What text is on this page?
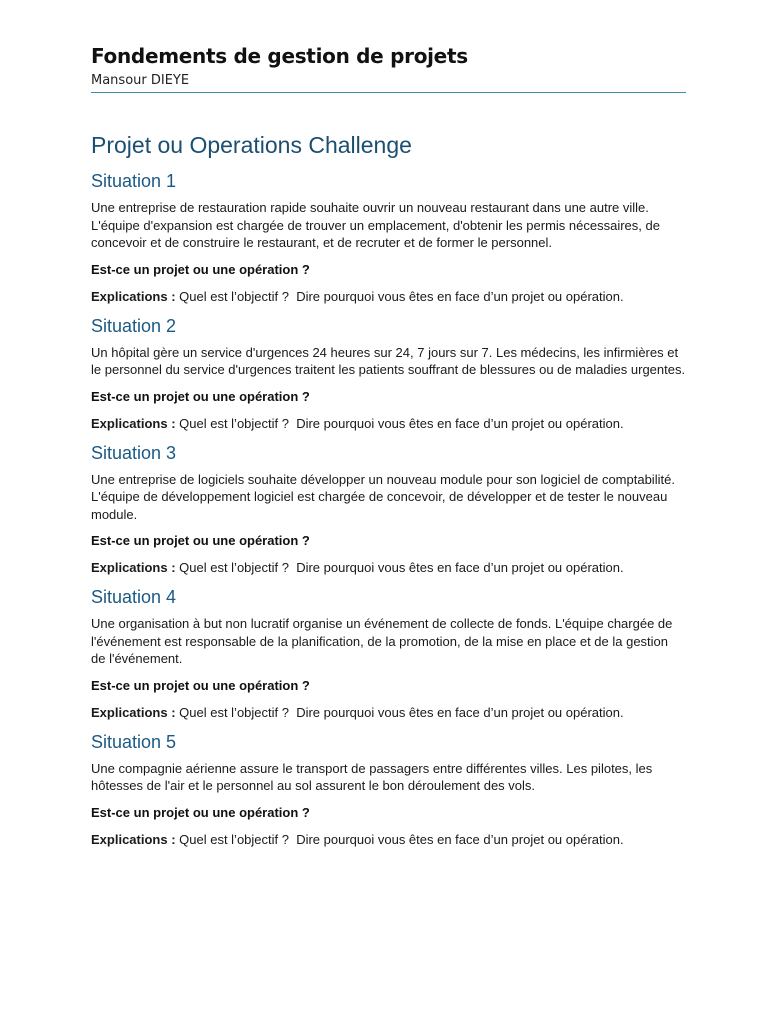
Fondements de gestion de projets

Mansour DIEYE

Projet ou Operations Challenge
Situation 1

Une entreprise de restauration rapide souhaite ouvrir un nouveau restaurant dans une autre ville. L'équipe d'expansion est chargée de trouver un emplacement, d'obtenir les permis nécessaires, de concevoir et de construire le restaurant, et de recruter et de former le personnel.

Est-ce un projet ou une opération ?

Explications : Quel est l’objectif ?  Dire pourquoi vous êtes en face d’un projet ou opération.

Situation 2

Un hôpital gère un service d'urgences 24 heures sur 24, 7 jours sur 7. Les médecins, les infirmières et le personnel du service d'urgences traitent les patients souffrant de blessures ou de maladies urgentes.

Est-ce un projet ou une opération ?

Explications : Quel est l’objectif ?  Dire pourquoi vous êtes en face d’un projet ou opération.

Situation 3

Une entreprise de logiciels souhaite développer un nouveau module pour son logiciel de comptabilité. L'équipe de développement logiciel est chargée de concevoir, de développer et de tester le nouveau module.

Est-ce un projet ou une opération ?

Explications : Quel est l’objectif ?  Dire pourquoi vous êtes en face d’un projet ou opération.

Situation 4

Une organisation à but non lucratif organise un événement de collecte de fonds. L'équipe chargée de l'événement est responsable de la planification, de la promotion, de la mise en place et de la gestion de l'événement.

Est-ce un projet ou une opération ?

Explications : Quel est l’objectif ?  Dire pourquoi vous êtes en face d’un projet ou opération.

Situation 5

Une compagnie aérienne assure le transport de passagers entre différentes villes. Les pilotes, les hôtesses de l'air et le personnel au sol assurent le bon déroulement des vols.

Est-ce un projet ou une opération ?

Explications : Quel est l’objectif ?  Dire pourquoi vous êtes en face d’un projet ou opération.
